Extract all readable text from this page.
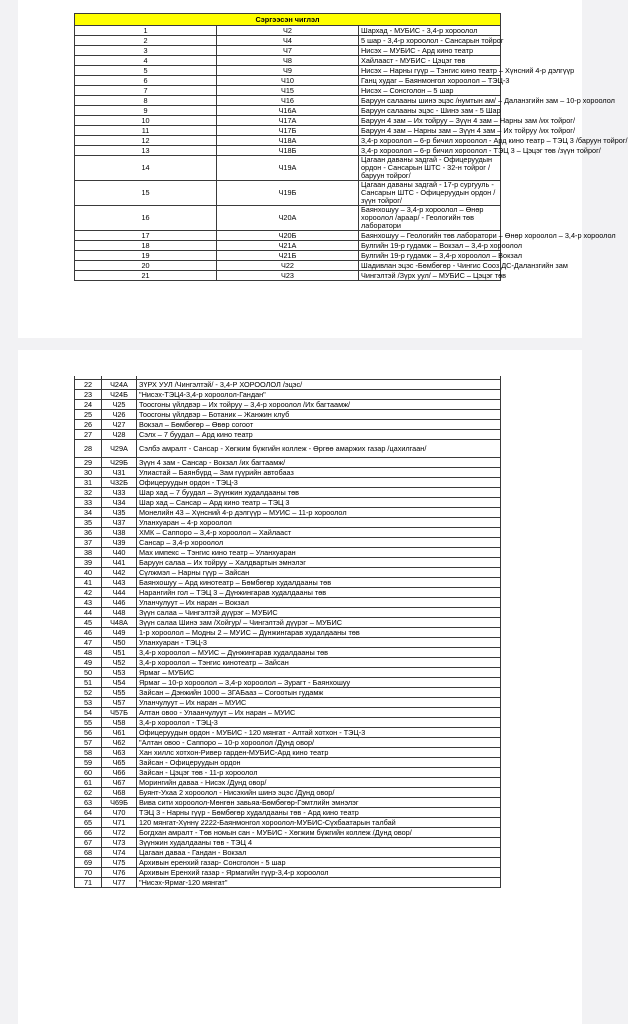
Сэргээсэн чиглэл		
1	Ч2	Шархад - МУБИС - 3,4-р хороолол
2	Ч4	5 шар - 3,4-р хороолол - Сансарын тойрог
3	Ч7	Нисэх – МУБИС - Ард кино театр
4	Ч8	Хайлааст - МУБИС - Цэцэг төв
5	Ч9	Нисэх – Нарны гүүр – Тэнгис кино театр – Хүнсний 4-р дэлгүүр
6	Ч10	Ганц худаг – Баянмонгол хороолол – ТЭЦ-3
7	Ч15	Нисэх – Сонсголон – 5 шар
8	Ч16	Баруун салааны шинэ эцэс /нумтын ам/ – Даланзгийн зам – 10-р хороолол
9	Ч16А	Баруун салааны эцэс - Шинэ зам - 5 Шар
10	Ч17А	Баруун 4 зам – Их тойруу – Зүүн 4 зам – Нарны зам /их тойрог/
11	Ч17Б	Баруун 4 зам – Нарны зам – Зүүн 4 зам – Их тойруу /их тойрог/
12	Ч18А	3,4-р хороолол – 6-р бичил хороолол - Ард кино театр – ТЭЦ 3 /баруун тойрог/
13	Ч18Б	3,4-р хороолол – 6-р бичил хороолол - ТЭЦ 3 – Цэцэг төв /зүүн тойрог/
14	Ч19А	Цагаан даваны задгай - Офицеруудын ордон - Сансарын ШТС - 32-н тойрог /баруун тойрог/
15	Ч19Б	Цагаан даваны задгай - 17-р сургууль - Сансарын ШТС - Офицеруудын ордон /зүүн тойрог/
16	Ч20А	Баянхошуу – 3,4-р хороолол – Өнөр хороолол /араар/ - Геологийн төв лаборатори
17	Ч20Б	Баянхошуу – Геологийн төв лаборатори – Өнөр хороолол – 3,4-р хороолол
18	Ч21А	Булгийн 19-р гудамж – Вокзал – 3,4-р хороолол
19	Ч21Б	Булгийн 19-р гудамж – 3,4-р хороолол – Вокзал
20	Ч22	Шадивлан эцэс -Бөмбөгөр - Чингис Сооз ДС-Даланзгийн зам
21	Ч23	Чингэлтэй /Зүрх уул/ – МУБИС – Цэцэг төв

22	Ч24А	ЗҮРХ УУЛ /Чингэлтэй/ - 3,4-Р ХОРООЛОЛ /эцэс/
23	Ч24Б	"Нисэх-ТЭЦ4-3,4-р хороолол-Гандан"
24	Ч25	Тоосгоны үйлдвэр – Их тойруу – 3,4-р хороолол /Их багтаамж/
25	Ч26	Тоосгоны үйлдвэр – Ботаник – Жанжин клуб
26	Ч27	Вокзал – Бөмбөгөр – Өвөр согоот
27	Ч28	Сэлх – 7 буудал – Ард кино театр
28	Ч29А	Сэлбэ амралт - Сансар - Хөгжим бүжгийн коллеж - Өргөө амаржих газар /цахилгаан/
29	Ч29Б	Зүүн 4 зам - Сансар - Вокзал /их багтаамж/
30	Ч31	Улиастай – Баянбүрд – Зам гүүрийн автобааз
31	Ч32Б	Офицеруудын ордон - ТЭЦ-3
32	Ч33	Шар хад – 7 буудал – Зүүнжин худалдааны төв
33	Ч34	Шар хад – Сансар – Ард кино театр – ТЭЦ 3
34	Ч35	Монелийн 43 – Хүнсний 4-р дэлгүүр – МУИС – 11-р хороолол
35	Ч37	Уланхуаран – 4-р хороолол
36	Ч38	ХМК – Саппоро – 3,4-р хороолол – Хайлааст
37	Ч39	Сансар – 3,4-р хороолол
38	Ч40	Мах импекс – Тэнгис кино театр – Уланхуаран
39	Ч41	Баруун салаа – Их тойруу – Халдвартын эмнэлэг
40	Ч42	Сүлжмэл – Нарны гүүр – Зайсан
41	Ч43	Баянхошуу – Ард кинотеатр – Бөмбөгөр худалдааны төв
42	Ч44	Нарангийн гол – ТЭЦ 3 – Дүнжингарав худалдааны төв
43	Ч46	Уланчулуут – Их наран – Вокзал
44	Ч48	Зүүн салаа – Чингэлтэй дүүрэг – МУБИС
45	Ч48А	Зүүн салаа Шинэ зам /Хойгур/ – Чингэлтэй дүүрэг – МУБИС
46	Ч49	1-р хороолол – Модны 2 – МУИС – Дүнжингарав худалдааны төв
47	Ч50	Уланхуаран - ТЭЦ-3
48	Ч51	3,4-р хороолол – МУИС – Дүнжингарав худалдааны төв
49	Ч52	3,4-р хороолол – Тэнгис кинотеатр – Зайсан
50	Ч53	Ярмаг – МУБИС
51	Ч54	Ярмаг – 10-р хороолол – 3,4-р хороолол – Зурагт - Баянхошуу
52	Ч55	Зайсан – Дэнжийн 1000 – ЗГАБааз – Согоотын гудамж
53	Ч57	Уланчулуут – Их наран – МУИС
54	Ч57Б	Алтан овоо - Улаанчулуут – Их наран – МУИС
55	Ч58	3,4-р хороолол - ТЭЦ-3
56	Ч61	Офицеруудын ордон - МУБИС - 120 мянгат - Алтай хотхон - ТЭЦ-3
57	Ч62	"Алтан овоо - Саппоро – 10-р хороолол /Дунд овор/
58	Ч63	Хан хиллс хотхон-Ривер гарден-МУБИС-Ард кино театр
59	Ч65	Зайсан - Офицеруудын ордон
60	Ч66	Зайсан - Цэцэг төв - 11-р хороолол
61	Ч67	Морингийн даваа - Нисэх /Дунд овор/
62	Ч68	Буянт-Ухаа 2 хороолол - Нисэхийн шинэ эцэс /Дунд овор/
63	Ч69Б	Вива сити хороолол-Мөнгөн завьяа-Бөмбөгөр-Гэмтлийн эмнэлэг
64	Ч70	ТЭЦ 3 - Нарны гүүр - Бөмбөгөр худалдааны төв - Ард кино театр
65	Ч71	120 мянгат-Хүннү 2222-Баянмонгол хороолол-МУБИС-Сүхбаатарын талбай
66	Ч72	Богдхан амралт - Төв номын сан - МУБИС - Хөгжим бүжгийн коллеж /Дунд овор/
67	Ч73	Зүүнжин худалдааны төв - ТЭЦ 4
68	Ч74	Цагаан даваа - Гандан - Вокзал
69	Ч75	Архивын еренхий газар- Сонсголон - 5 шар
70	Ч76	Архивын Еренхий газар - Ярмагийн гүүр-3,4-р хороолол
71	Ч77	"Нисэх-Ярмаг-120 мянгат"
